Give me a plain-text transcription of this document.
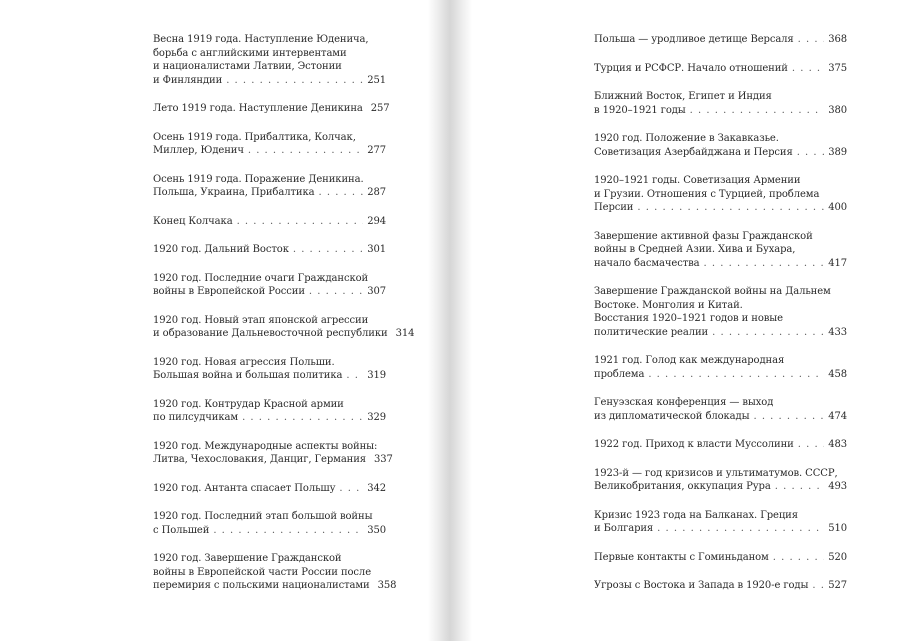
Весна 1919 года. Наступление Юденича,
борьба с английскими интервентами
и националистами Латвии, Эстонии
и Финляндии . . .	251
Лето 1919 года. Наступление Деникина 257
Осень 1919 года. Прибалтика, Колчак,
Миллер, Юденич . . .	277
Осень 1919 года. Поражение Деникина.
Польша, Украина, Прибалтика . . .	287
Конец Колчака . . .	294
1920 год. Дальний Восток . . .	301
1920 год. Последние очаги Гражданской
войны в Европейской России . . .	307
1920 год. Новый этап японской агрессии
и образование Дальневосточной республики 314
1920 год. Новая агрессия Польши.
Большая война и большая политика . . . 319
1920 год. Контрудар Красной армии
по пилсудчикам . . .	329
1920 год. Международные аспекты войны:
Литва, Чехословакия, Данциг, Германия 337
1920 год. Антанта спасает Польшу . . .	342
1920 год. Последний этап большой войны
с Польшей . . .	350
1920 год. Завершение Гражданской
войны в Европейской части России после
перемирия с польскими националистами 358
Польша — уродливое детище Версаля . . .	368
Турция и РСФСР. Начало отношений . . .	375
Ближний Восток, Египет и Индия
в 1920–1921 годы . . .	380
1920 год. Положение в Закавказье.
Советизация Азербайджана и Персия . . .	389
1920–1921 годы. Советизация Армении
и Грузии. Отношения с Турцией, проблема
Персии . . .	400
Завершение активной фазы Гражданской
войны в Средней Азии. Хива и Бухара,
начало басмачества . . .	417
Завершение Гражданской войны на Дальнем
Востоке. Монголия и Китай.
Восстания 1920–1921 годов и новые
политические реалии . . .	433
1921 год. Голод как международная
проблема . . .	458
Генуэзская конференция — выход
из дипломатической блокады . . .	474
1922 год. Приход к власти Муссолини . . .	483
1923-й — год кризисов и ультиматумов. СССР,
Великобритания, оккупация Рура . . .	493
Кризис 1923 года на Балканах. Греция
и Болгария . . .	510
Первые контакты с Гоминьданом . . .	520
Угрозы с Востока и Запада в 1920-е годы . . . 527
